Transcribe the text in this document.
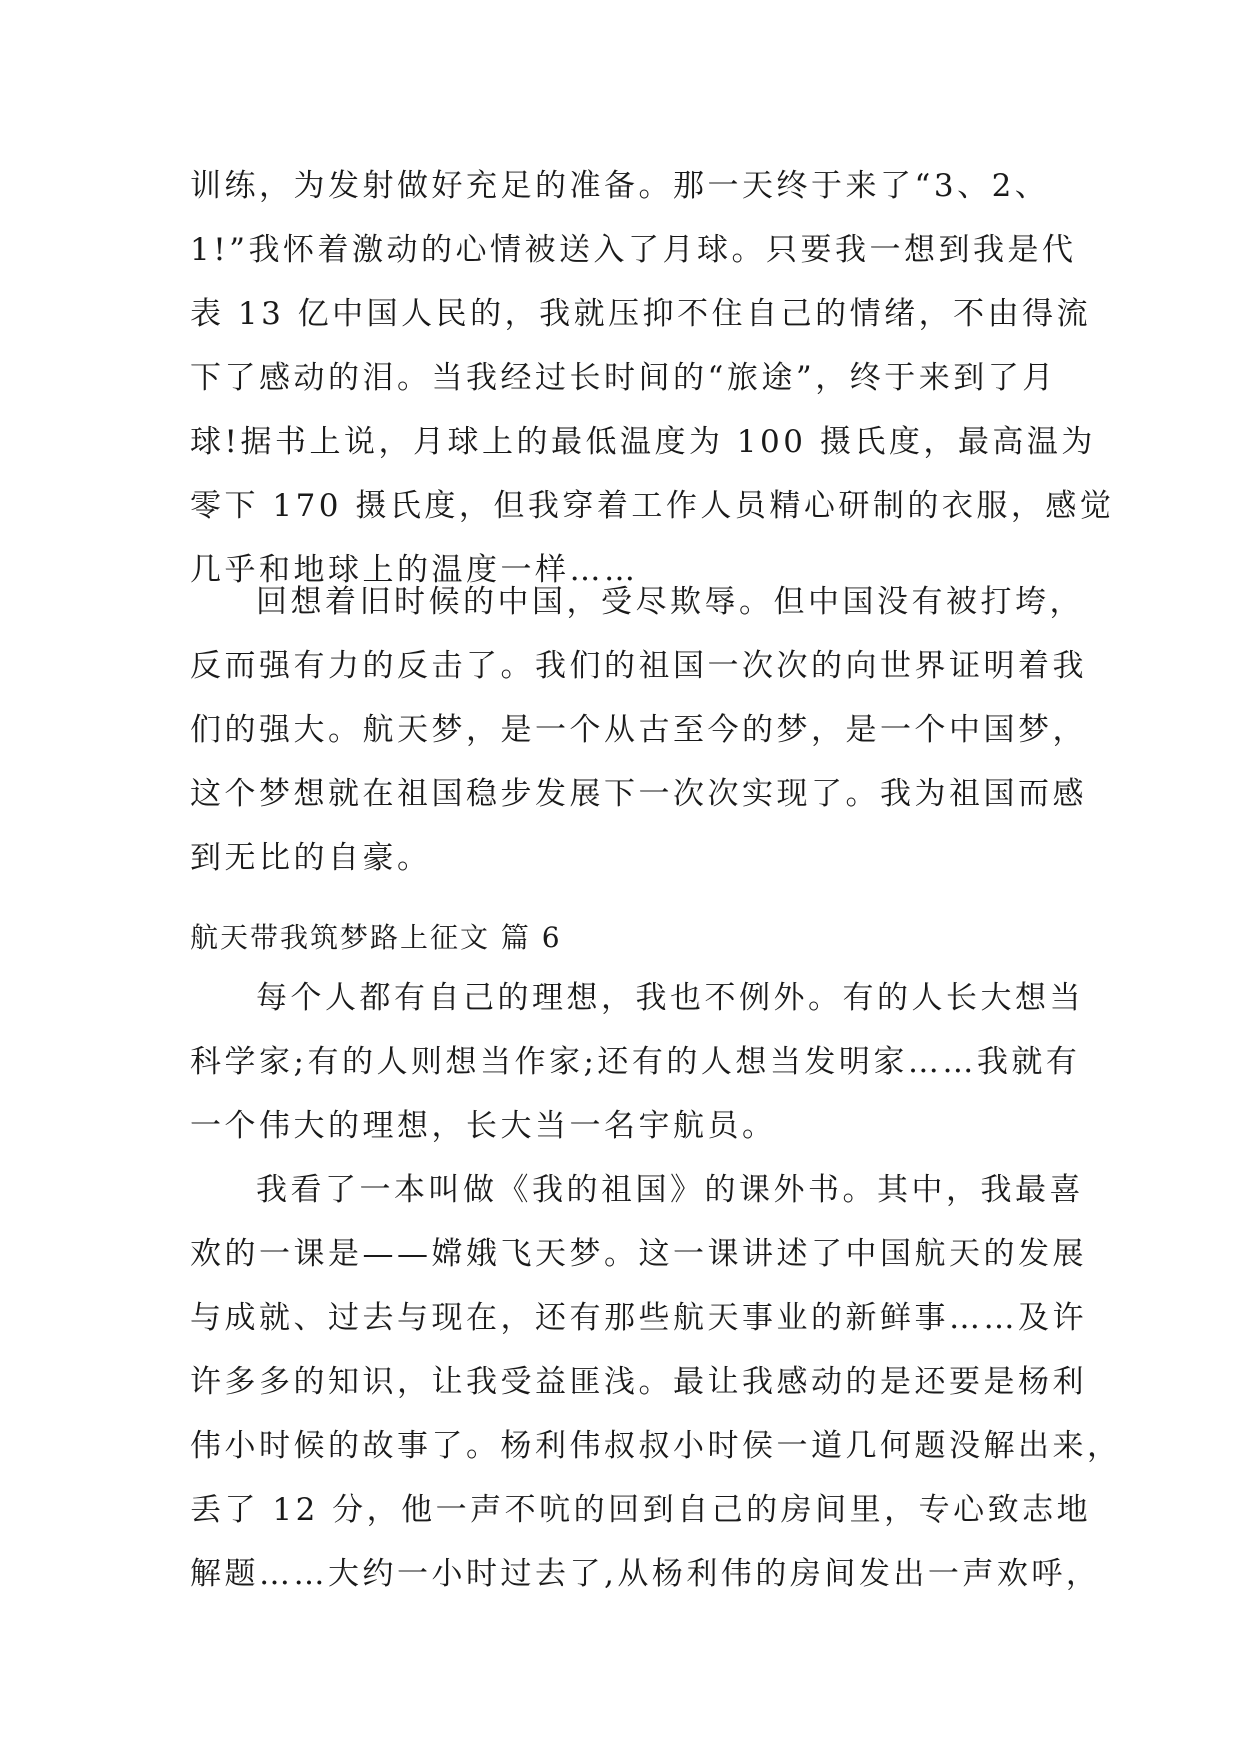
训练，为发射做好充足的准备。那一天终于来了“3、2、
1!”我怀着激动的心情被送入了月球。只要我一想到我是代
表 13 亿中国人民的，我就压抑不住自己的情绪，不由得流
下了感动的泪。当我经过长时间的“旅途”，终于来到了月
球!据书上说，月球上的最低温度为 100 摄氏度，最高温为
零下 170 摄氏度，但我穿着工作人员精心研制的衣服，感觉
几乎和地球上的温度一样……
回想着旧时候的中国，受尽欺辱。但中国没有被打垮，
反而强有力的反击了。我们的祖国一次次的向世界证明着我
们的强大。航天梦，是一个从古至今的梦，是一个中国梦，
这个梦想就在祖国稳步发展下一次次实现了。我为祖国而感
到无比的自豪。
航天带我筑梦路上征文 篇 6
每个人都有自己的理想，我也不例外。有的人长大想当
科学家;有的人则想当作家;还有的人想当发明家……我就有
一个伟大的理想，长大当一名宇航员。
我看了一本叫做《我的祖国》的课外书。其中，我最喜
欢的一课是——嫦娥飞天梦。这一课讲述了中国航天的发展
与成就、过去与现在，还有那些航天事业的新鲜事……及许
许多多的知识，让我受益匪浅。最让我感动的是还要是杨利
伟小时候的故事了。杨利伟叔叔小时侯一道几何题没解出来，
丢了 12 分，他一声不吭的回到自己的房间里，专心致志地
解题……大约一小时过去了,从杨利伟的房间发出一声欢呼，
